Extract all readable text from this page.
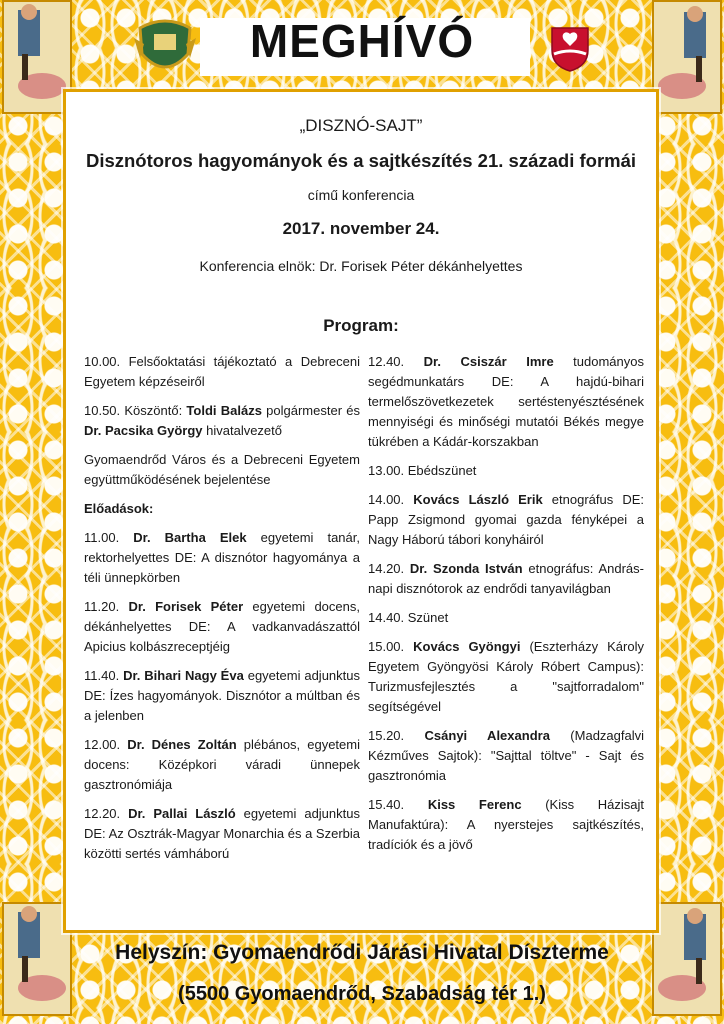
MEGHÍVÓ
„DISZNÓ-SAJT”
Disznótoros hagyományok és a sajtkészítés 21. századi formái
című konferencia
2017. november 24.
Konferencia elnök: Dr. Forisek Péter dékánhelyettes
Program:
10.00. Felsőoktatási tájékoztató a Debreceni Egyetem képzéseiről
10.50. Köszöntő: Toldi Balázs polgármester és Dr. Pacsika György hivatalvezető
Gyomaendrőd Város és a Debreceni Egyetem együttműködésének bejelentése
Előadások:
11.00. Dr. Bartha Elek egyetemi tanár, rektorhelyettes DE: A disznótor hagyománya a téli ünnepkörben
11.20. Dr. Forisek Péter egyetemi docens, dékánhelyettes DE: A vadkanvadászattól Apicius kolbászreceptjéig
11.40. Dr. Bihari Nagy Éva egyetemi adjunktus DE: Ízes hagyományok. Disznótor a múltban és a jelenben
12.00. Dr. Dénes Zoltán plébános, egyetemi docens: Középkori váradi ünnepek gasztronómiája
12.20. Dr. Pallai László egyetemi adjunktus DE: Az Osztrák-Magyar Monarchia és a Szerbia közötti sertés vámháború
12.40. Dr. Csiszár Imre tudományos segédmunkatárs DE: A hajdú-bihari termelőszövetkezetek sertéstenyésztésének mennyiségi és minőségi mutatói Békés megye tükrében a Kádár-korszakban
13.00. Ebédszünet
14.00. Kovács László Erik etnográfus DE: Papp Zsigmond gyomai gazda fényképei a Nagy Háború tábori konyháiról
14.20. Dr. Szonda István etnográfus: András-napi disznótorok az endrődi tanyavilágban
14.40. Szünet
15.00. Kovács Gyöngyi (Eszterházy Károly Egyetem Gyöngyösi Károly Róbert Campus): Turizmusfejlesztés a "sajtforradalom" segítségével
15.20. Csányi Alexandra (Madzagfalvi Kézműves Sajtok): "Sajttal töltve" - Sajt és gasztronómia
15.40. Kiss Ferenc (Kiss Házisajt Manufaktúra): A nyerstejes sajtkészítés, tradíciók és a jövő
Helyszín: Gyomaendrődi Járási Hivatal Díszterme
(5500 Gyomaendrőd, Szabadság tér 1.)
